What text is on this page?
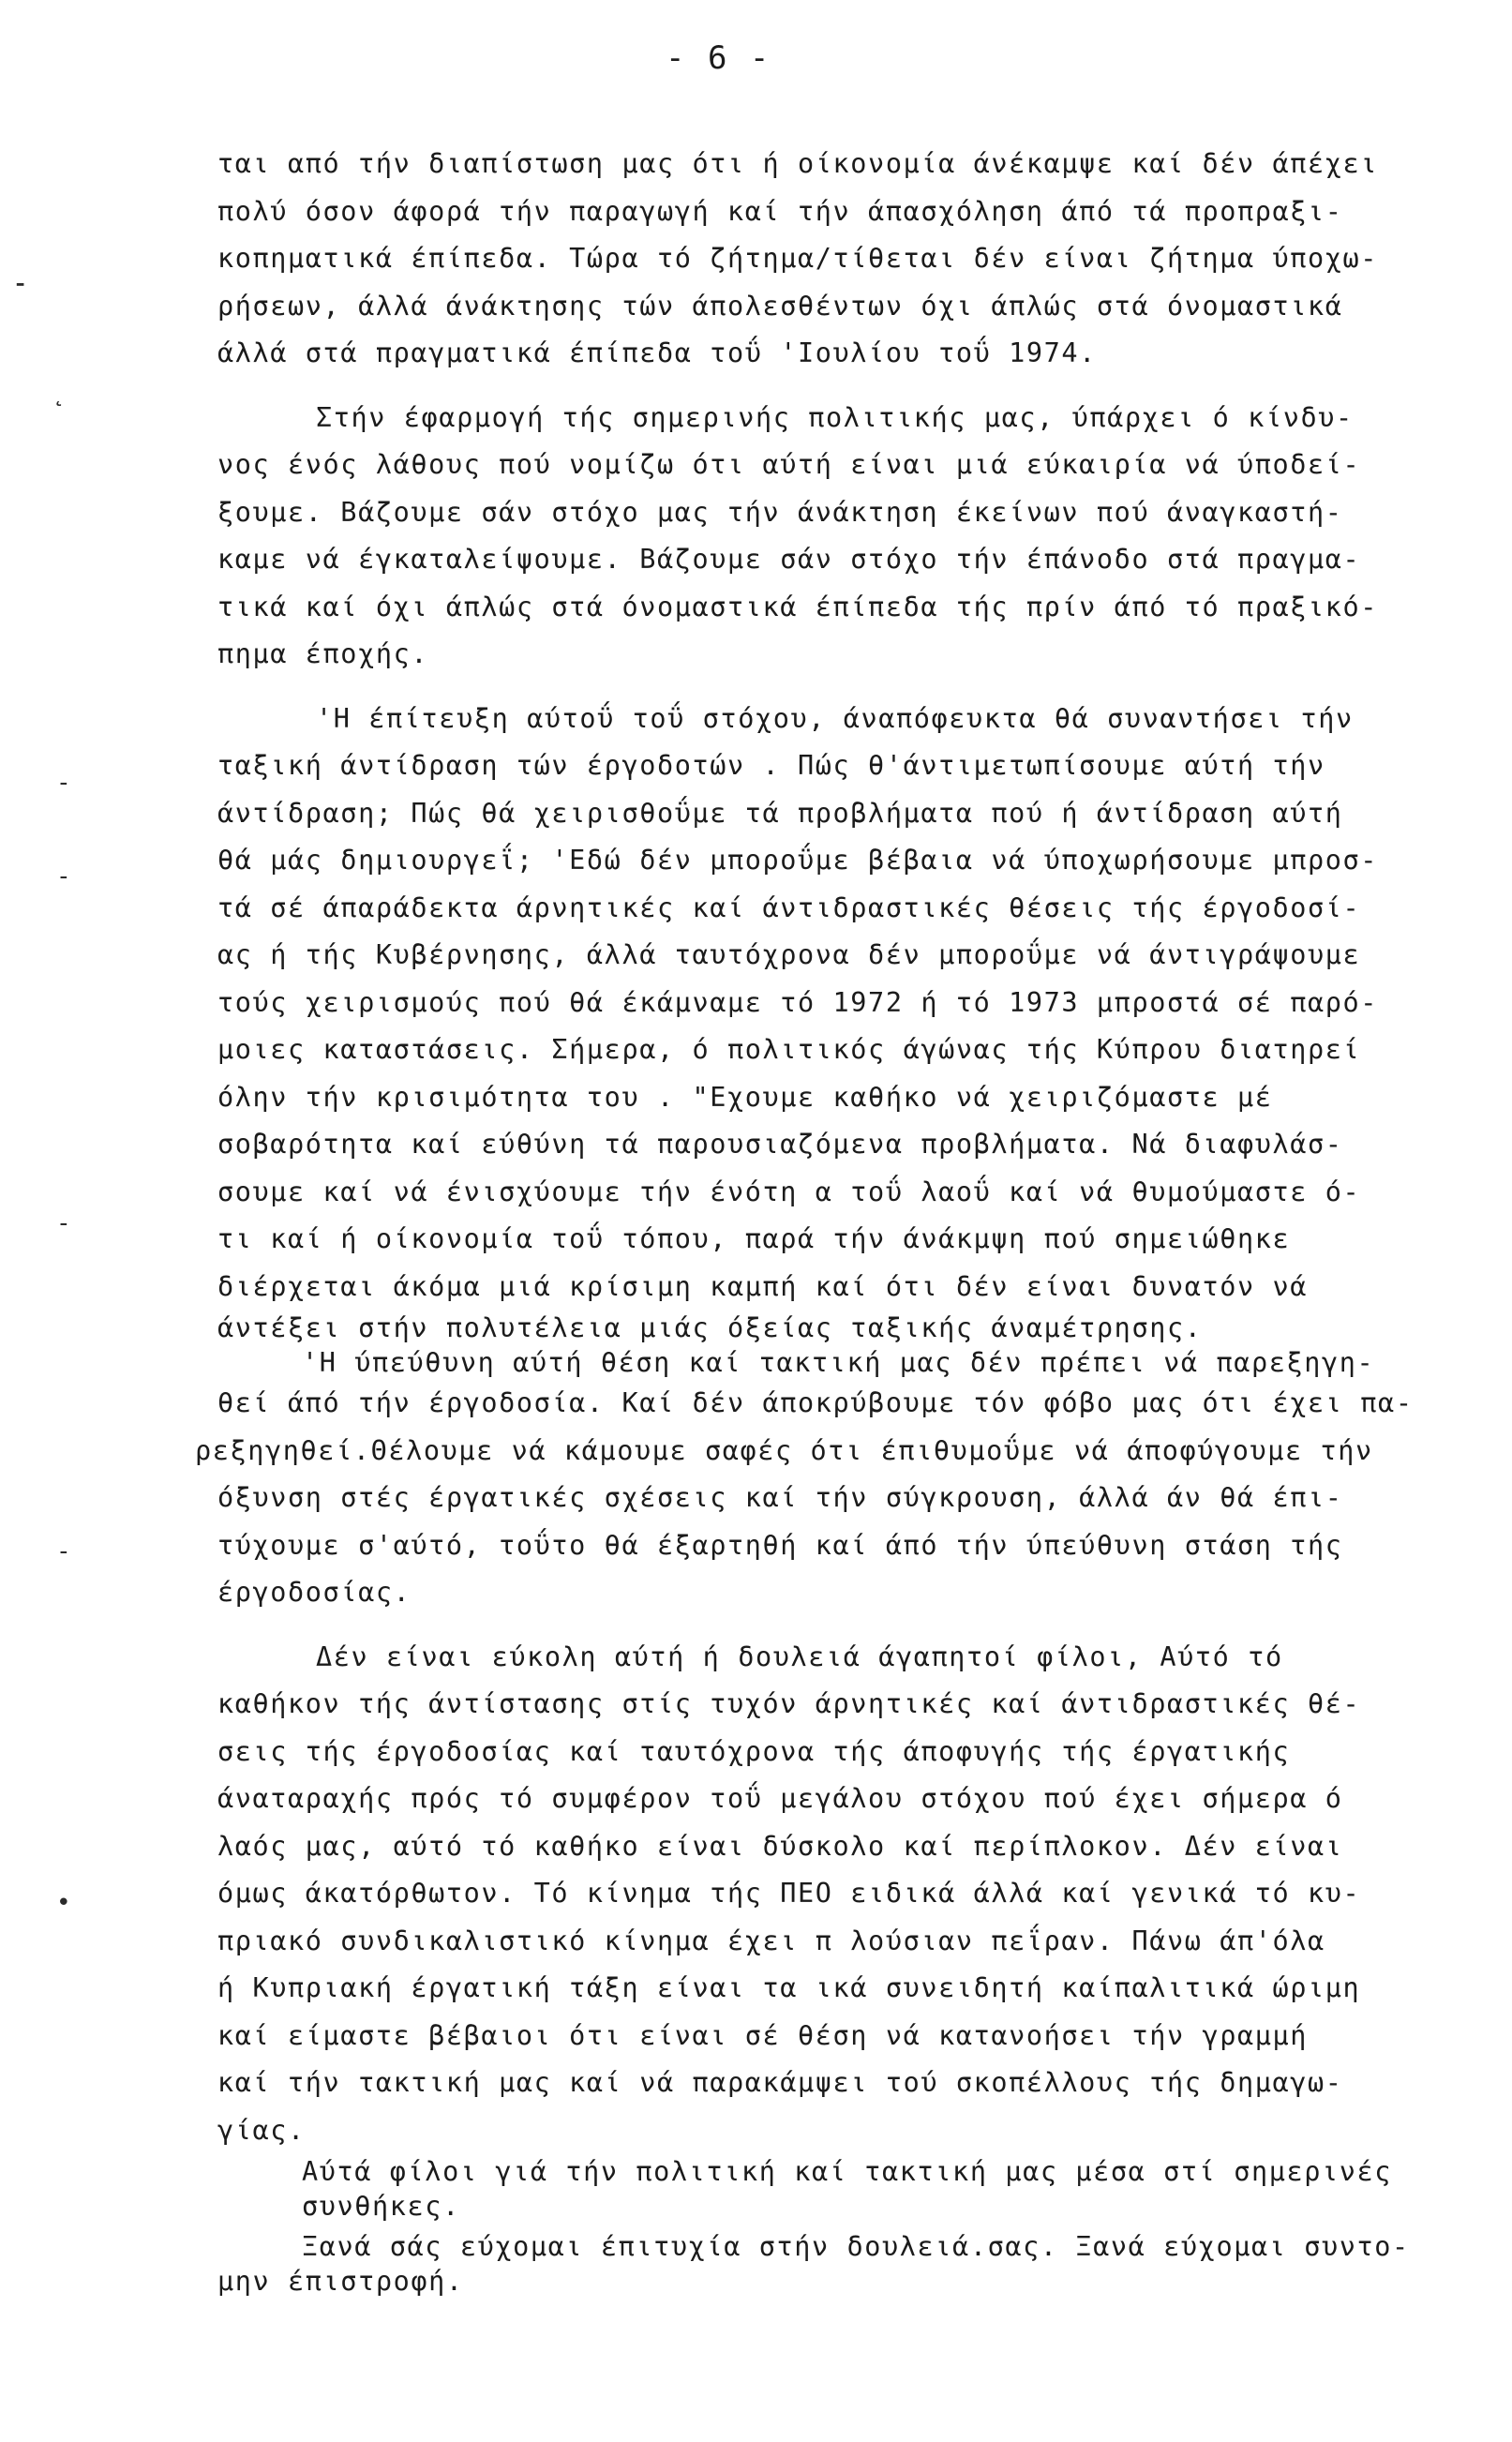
- 6 -
⁃
˛
-
-
-
-
•
ται από τήν διαπίστωση μας ότι ή οίκονομία άνέκαμψε καί δέν άπέχει
πολύ όσον άφορά τήν παραγωγή καί τήν άπασχόληση άπό τά προπραξι-
κοπηματικά έπίπεδα. Τώρα τό ζήτημα/τίθεται δέν είναι ζήτημα ύποχω-
ρήσεων, άλλά άνάκτησης τών άπολεσθέντων όχι άπλώς στά όνομαστικά
άλλά στά πραγματικά έπίπεδα τοΰ 'Ιουλίου τοΰ 1974.
Στήν έφαρμογή τής σημερινής πολιτικής μας, ύπάρχει ό κίνδυ-
νος ένός λάθους πού νομίζω ότι αύτή είναι μιά εύκαιρία νά ύποδεί-
ξουμε. Βάζουμε σάν στόχο μας τήν άνάκτηση έκείνων πού άναγκαστή-
καμε νά έγκαταλείψουμε. Βάζουμε σάν στόχο τήν έπάνοδο στά πραγμα-
τικά καί όχι άπλώς στά όνομαστικά έπίπεδα τής πρίν άπό τό πραξικό-
πημα έποχής.
'Η έπίτευξη αύτοΰ τοΰ στόχου, άναπόφευκτα θά συναντήσει τήν
ταξική άντίδραση τών έργοδοτών . Πώς θ'άντιμετωπίσουμε αύτή τήν
άντίδραση; Πώς θά χειρισθοΰμε τά προβλήματα πού ή άντίδραση αύτή
θά μάς δημιουργεΐ; 'Εδώ δέν μποροΰμε βέβαια νά ύποχωρήσουμε μπροσ-
τά σέ άπαράδεκτα άρνητικές καί άντιδραστικές θέσεις τής έργοδοσί-
ας ή τής Κυβέρνησης, άλλά ταυτόχρονα δέν μποροΰμε νά άντιγράψουμε
τούς χειρισμούς πού θά έκάμναμε τό 1972 ή τό 1973 μπροστά σέ παρό-
μοιες καταστάσεις. Σήμερα, ό πολιτικός άγώνας τής Κύπρου διατηρεί
όλην τήν κρισιμότητα του . "Εχουμε καθήκο νά χειριζόμαστε μέ
σοβαρότητα καί εύθύνη τά παρουσιαζόμενα προβλήματα. Νά διαφυλάσ-
σουμε καί νά ένισχύουμε τήν ένότη α τοΰ λαοΰ καί νά θυμούμαστε ό-
τι καί ή οίκονομία τοΰ τόπου, παρά τήν άνάκμψη πού σημειώθηκε
διέρχεται άκόμα μιά κρίσιμη καμπή καί ότι δέν είναι δυνατόν νά
άντέξει στήν πολυτέλεια μιάς όξείας ταξικής άναμέτρησης.
'Η ύπεύθυνη αύτή θέση καί τακτική μας δέν πρέπει νά παρεξηγη-
θεί άπό τήν έργοδοσία. Καί δέν άποκρύβουμε τόν φόβο μας ότι έχει πα-
ρεξηγηθεί.Θέλουμε νά κάμουμε σαφές ότι έπιθυμοΰμε νά άποφύγουμε τήν
όξυνση στές έργατικές σχέσεις καί τήν σύγκρουση, άλλά άν θά έπι-
τύχουμε σ'αύτό, τοΰτο θά έξαρτηθή καί άπό τήν ύπεύθυνη στάση τής
έργοδοσίας.
Δέν είναι εύκολη αύτή ή δουλειά άγαπητοί φίλοι, Αύτό τό
καθήκον τής άντίστασης στίς τυχόν άρνητικές καί άντιδραστικές θέ-
σεις τής έργοδοσίας καί ταυτόχρονα τής άποφυγής τής έργατικής
άναταραχής πρός τό συμφέρον τοΰ μεγάλου στόχου πού έχει σήμερα ό
λαός μας, αύτό τό καθήκο είναι δύσκολο καί περίπλοκον. Δέν είναι
όμως άκατόρθωτον. Τό κίνημα τής ΠΕΟ ειδικά άλλά καί γενικά τό κυ-
πριακό συνδικαλιστικό κίνημα έχει π λούσιαν πεΐραν. Πάνω άπ'όλα
ή Κυπριακή έργατική τάξη είναι τα ικά συνειδητή καίπαλιτικά ώριμη
καί είμαστε βέβαιοι ότι είναι σέ θέση νά κατανοήσει τήν γραμμή
καί τήν τακτική μας καί νά παρακάμψει τού σκοπέλλους τής δημαγω-
γίας.
Αύτά φίλοι γιά τήν πολιτική καί τακτική μας μέσα στί σημερινές
συνθήκες.
Ξανά σάς εύχομαι έπιτυχία στήν δουλειά.σας. Ξανά εύχομαι συντο-
μην έπιστροφή.
